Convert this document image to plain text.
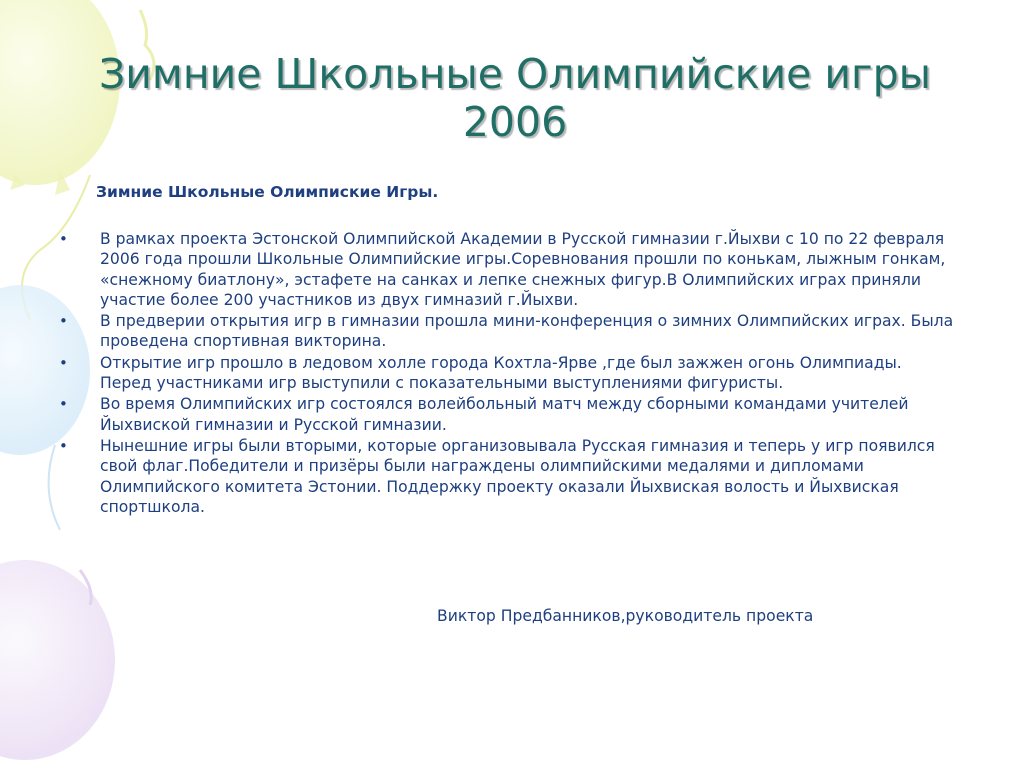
Зимние Школьные Олимпийские игры 2006

Зимние Школьные Олимпиские Игры.

•	В рамках проекта Эстонской Олимпийской Академии в Русской гимназии г.Йыхви с 10 по 22 февраля 2006 года прошли Школьные Олимпийские игры.Соревнования прошли по конькам, лыжным гонкам, «снежному биатлону», эстафете на санках и лепке снежных фигур.В Олимпийских играх приняли участие более 200 участников из двух гимназий г.Йыхви.
•	В предверии открытия игр в гимназии прошла мини-конференция о зимних Олимпийских играх. Была проведена спортивная викторина.
•	Открытие игр прошло в ледовом холле города Кохтла-Ярве ,где был зажжен огонь Олимпиады. Перед участниками игр выступили с показательными выступлениями фигуристы.
•	Во время Олимпийских игр состоялся волейбольный матч между сборными командами учителей Йыхвиской гимназии и Русской гимназии.
•	Нынешние игры были вторыми, которые организовывала Русская гимназия и теперь у игр появился свой флаг.Победители и призёры были награждены олимпийскими медалями и дипломами Олимпийского комитета Эстонии. Поддержку проекту оказали Йыхвиская волость и Йыхвиская спортшкола.

Виктор Предбанников,руководитель проекта
